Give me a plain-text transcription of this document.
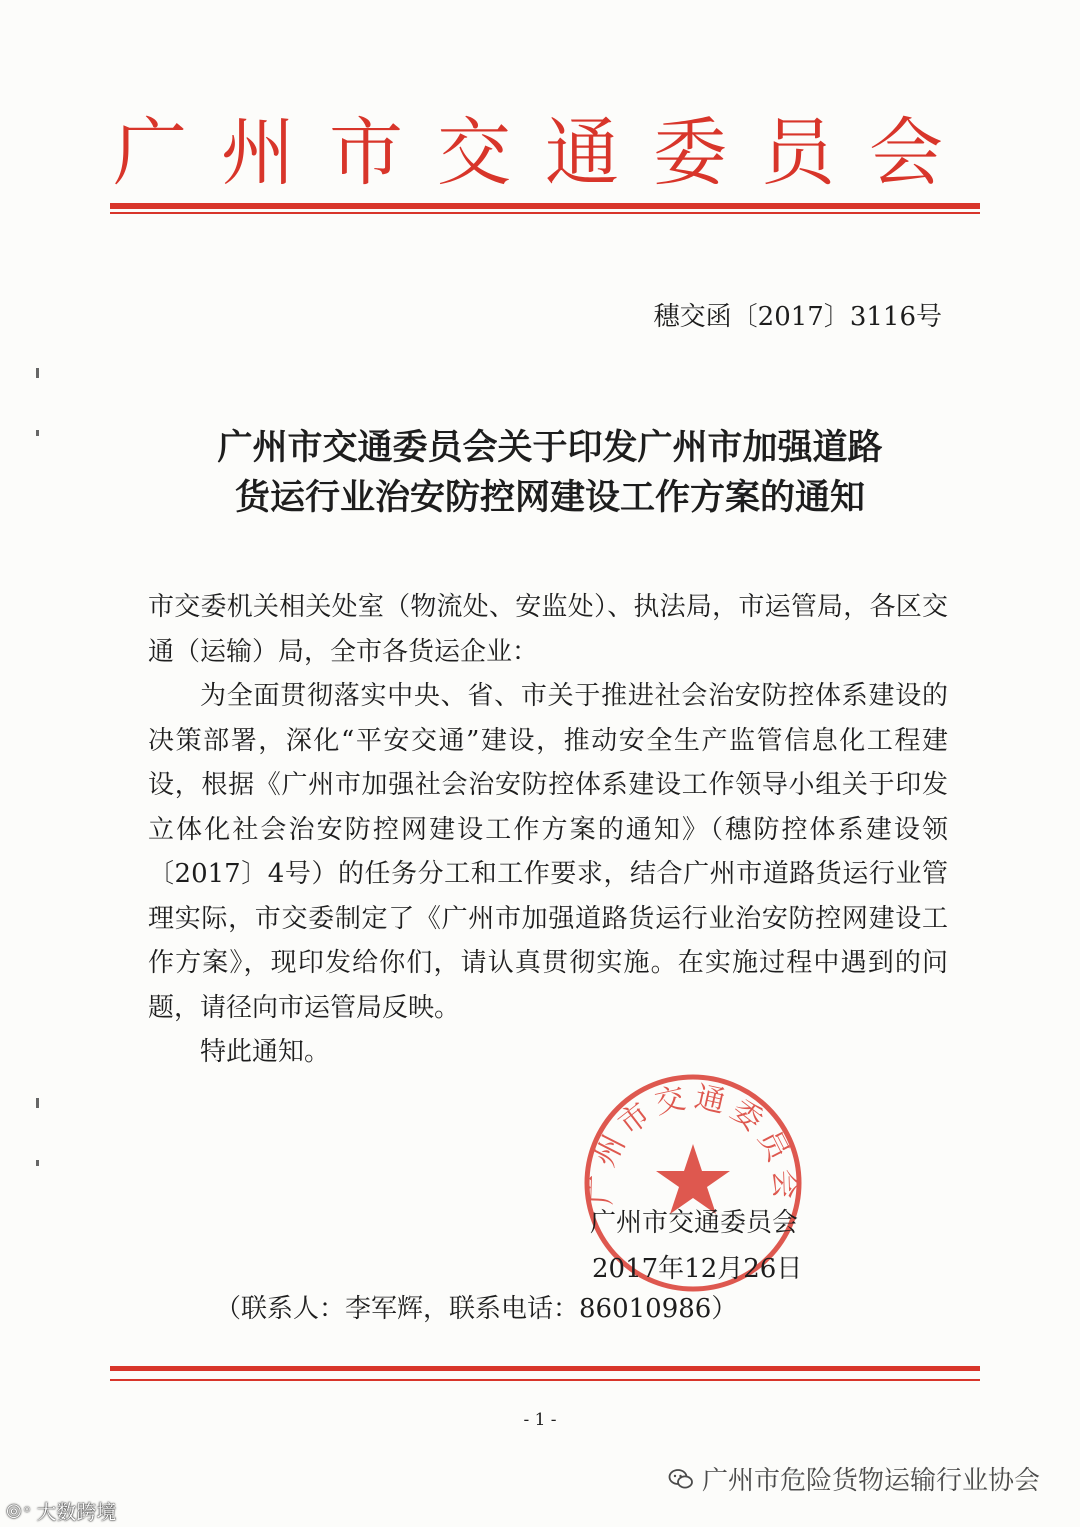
广州市交通委员会
穗交函〔2017〕3116号
广州市交通委员会关于印发广州市加强道路
货运行业治安防控网建设工作方案的通知

市交委机关相关处室（物流处、安监处）、执法局，市运管局，各区交通（运输）局，全市各货运企业：

为全面贯彻落实中央、省、市关于推进社会治安防控体系建设的决策部署，深化“平安交通”建设，推动安全生产监管信息化工程建设，根据《广州市加强社会治安防控体系建设工作领导小组关于印发立体化社会治安防控网建设工作方案的通知》（穗防控体系建设领〔2017〕4号）的任务分工和工作要求，结合广州市道路货运行业管理实际，市交委制定了《广州市加强道路货运行业治安防控网建设工作方案》，现印发给你们，请认真贯彻实施。在实施过程中遇到的问题，请径向市运管局反映。

特此通知。

广州市交通委员会
广州市交通委员会
2017年12月26日
（联系人：李军辉，联系电话：86010986）
- 1 -
广州市危险货物运输行业协会
◎◦ 大数跨境
